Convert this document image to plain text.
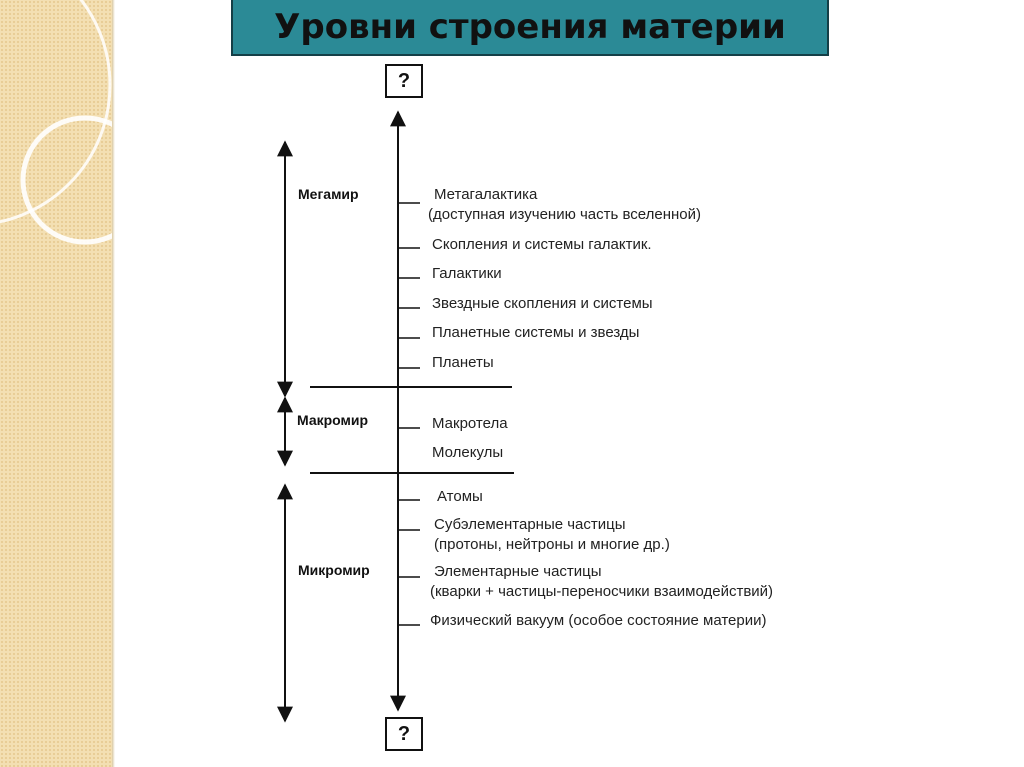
Уровни строения материи
?
?
Мегамир
Макромир
Микромир
Метагалактика
(доступная изучению часть вселенной)
Скопления и системы галактик.
Галактики
Звездные скопления и системы
Планетные системы и звезды
Планеты
Макротела
Молекулы
Атомы
Субэлементарные частицы
(протоны, нейтроны и многие др.)
Элементарные частицы
(кварки + частицы-переносчики взаимодействий)
Физический вакуум (особое состояние материи)
